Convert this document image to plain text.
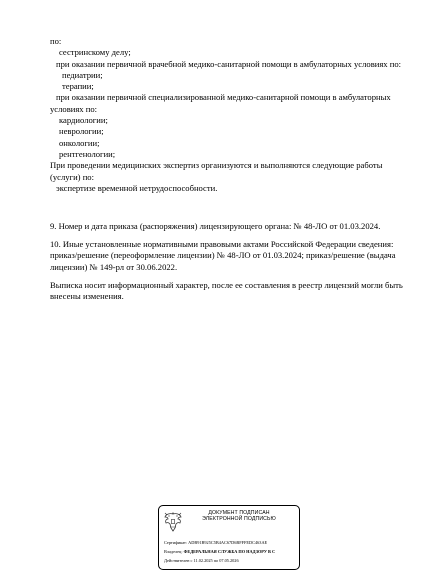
по:
сестринскому делу;
при оказании первичной врачебной медико-санитарной помощи в амбулаторных условиях по:
педиатрии;
терапии;
при оказании первичной специализированной медико-санитарной помощи в амбулаторных
условиях по:
кардиологии;
неврологии;
онкологии;
рентгенологии;
При проведении медицинских экспертиз организуются и выполняются следующие работы
(услуги) по:
экспертизе временной нетрудоспособности.
9. Номер и дата приказа (распоряжения) лицензирующего органа: № 48-ЛО от 01.03.2024.
10. Иные установленные нормативными правовыми актами Российской Федерации сведения: приказ/решение (переоформление лицензии) № 48-ЛО от 01.03.2024; приказ/решение (выдача лицензии) № 149-рл от 30.06.2022.
Выписка носит информационный характер, после ее составления в реестр лицензий могли быть внесены изменения.
ДОКУМЕНТ ПОДПИСАН
ЭЛЕКТРОННОЙ ПОДПИСЬЮ
Сертификат: ADB91B925C5B4AC67D6BFFFEDC463AE
Владелец: ФЕДЕРАЛЬНАЯ СЛУЖБА ПО НАДЗОРУ В С
Действителен с 11.02.2025 по 07.05.2026
